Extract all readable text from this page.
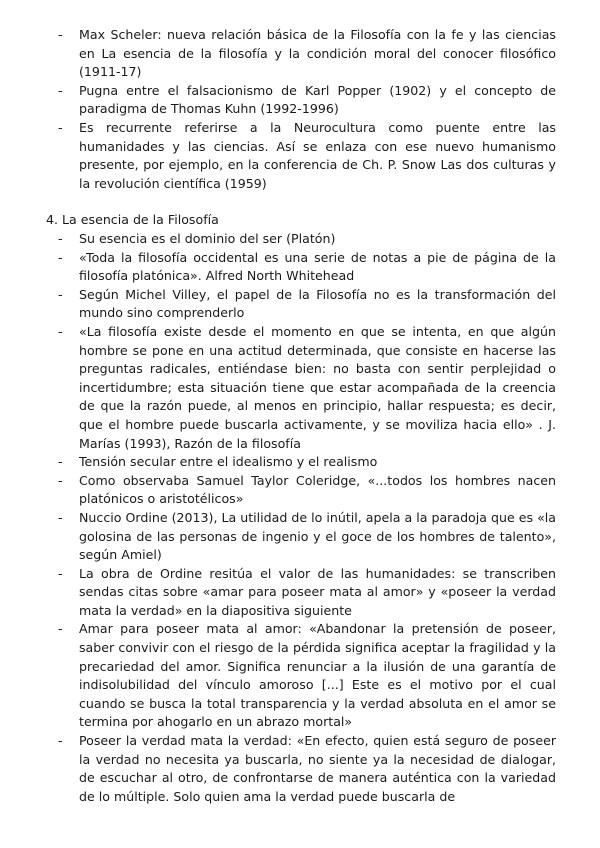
- Max Scheler: nueva relación básica de la Filosofía con la fe y las ciencias en La esencia de la filosofía y la condición moral del conocer filosófico (1911-17)
- Pugna entre el falsacionismo de Karl Popper (1902) y el concepto de paradigma de Thomas Kuhn (1992-1996)
- Es recurrente referirse a la Neurocultura como puente entre las humanidades y las ciencias. Así se enlaza con ese nuevo humanismo presente, por ejemplo, en la conferencia de Ch. P. Snow Las dos culturas y la revolución científica (1959)
4. La esencia de la Filosofía
- Su esencia es el dominio del ser (Platón)
- «Toda la filosofía occidental es una serie de notas a pie de página de la filosofía platónica». Alfred North Whitehead
- Según Michel Villey, el papel de la Filosofía no es la transformación del mundo sino comprenderlo
- «La filosofía existe desde el momento en que se intenta, en que algún hombre se pone en una actitud determinada, que consiste en hacerse las preguntas radicales, entiéndase bien: no basta con sentir perplejidad o incertidumbre; esta situación tiene que estar acompañada de la creencia de que la razón puede, al menos en principio, hallar respuesta; es decir, que el hombre puede buscarla activamente, y se moviliza hacia ello» . J. Marías (1993), Razón de la filosofía
- Tensión secular entre el idealismo y el realismo
- Como observaba Samuel Taylor Coleridge, «...todos los hombres nacen platónicos o aristotélicos»
- Nuccio Ordine (2013), La utilidad de lo inútil, apela a la paradoja que es «la golosina de las personas de ingenio y el goce de los hombres de talento», según Amiel)
- La obra de Ordine resitúa el valor de las humanidades: se transcriben sendas citas sobre «amar para poseer mata al amor» y «poseer la verdad mata la verdad» en la diapositiva siguiente
- Amar para poseer mata al amor: «Abandonar la pretensión de poseer, saber convivir con el riesgo de la pérdida significa aceptar la fragilidad y la precariedad del amor. Significa renunciar a la ilusión de una garantía de indisolubilidad del vínculo amoroso [...] Este es el motivo por el cual cuando se busca la total transparencia y la verdad absoluta en el amor se termina por ahogarlo en un abrazo mortal»
- Poseer la verdad mata la verdad: «En efecto, quien está seguro de poseer la verdad no necesita ya buscarla, no siente ya la necesidad de dialogar, de escuchar al otro, de confrontarse de manera auténtica con la variedad de lo múltiple. Solo quien ama la verdad puede buscarla de
